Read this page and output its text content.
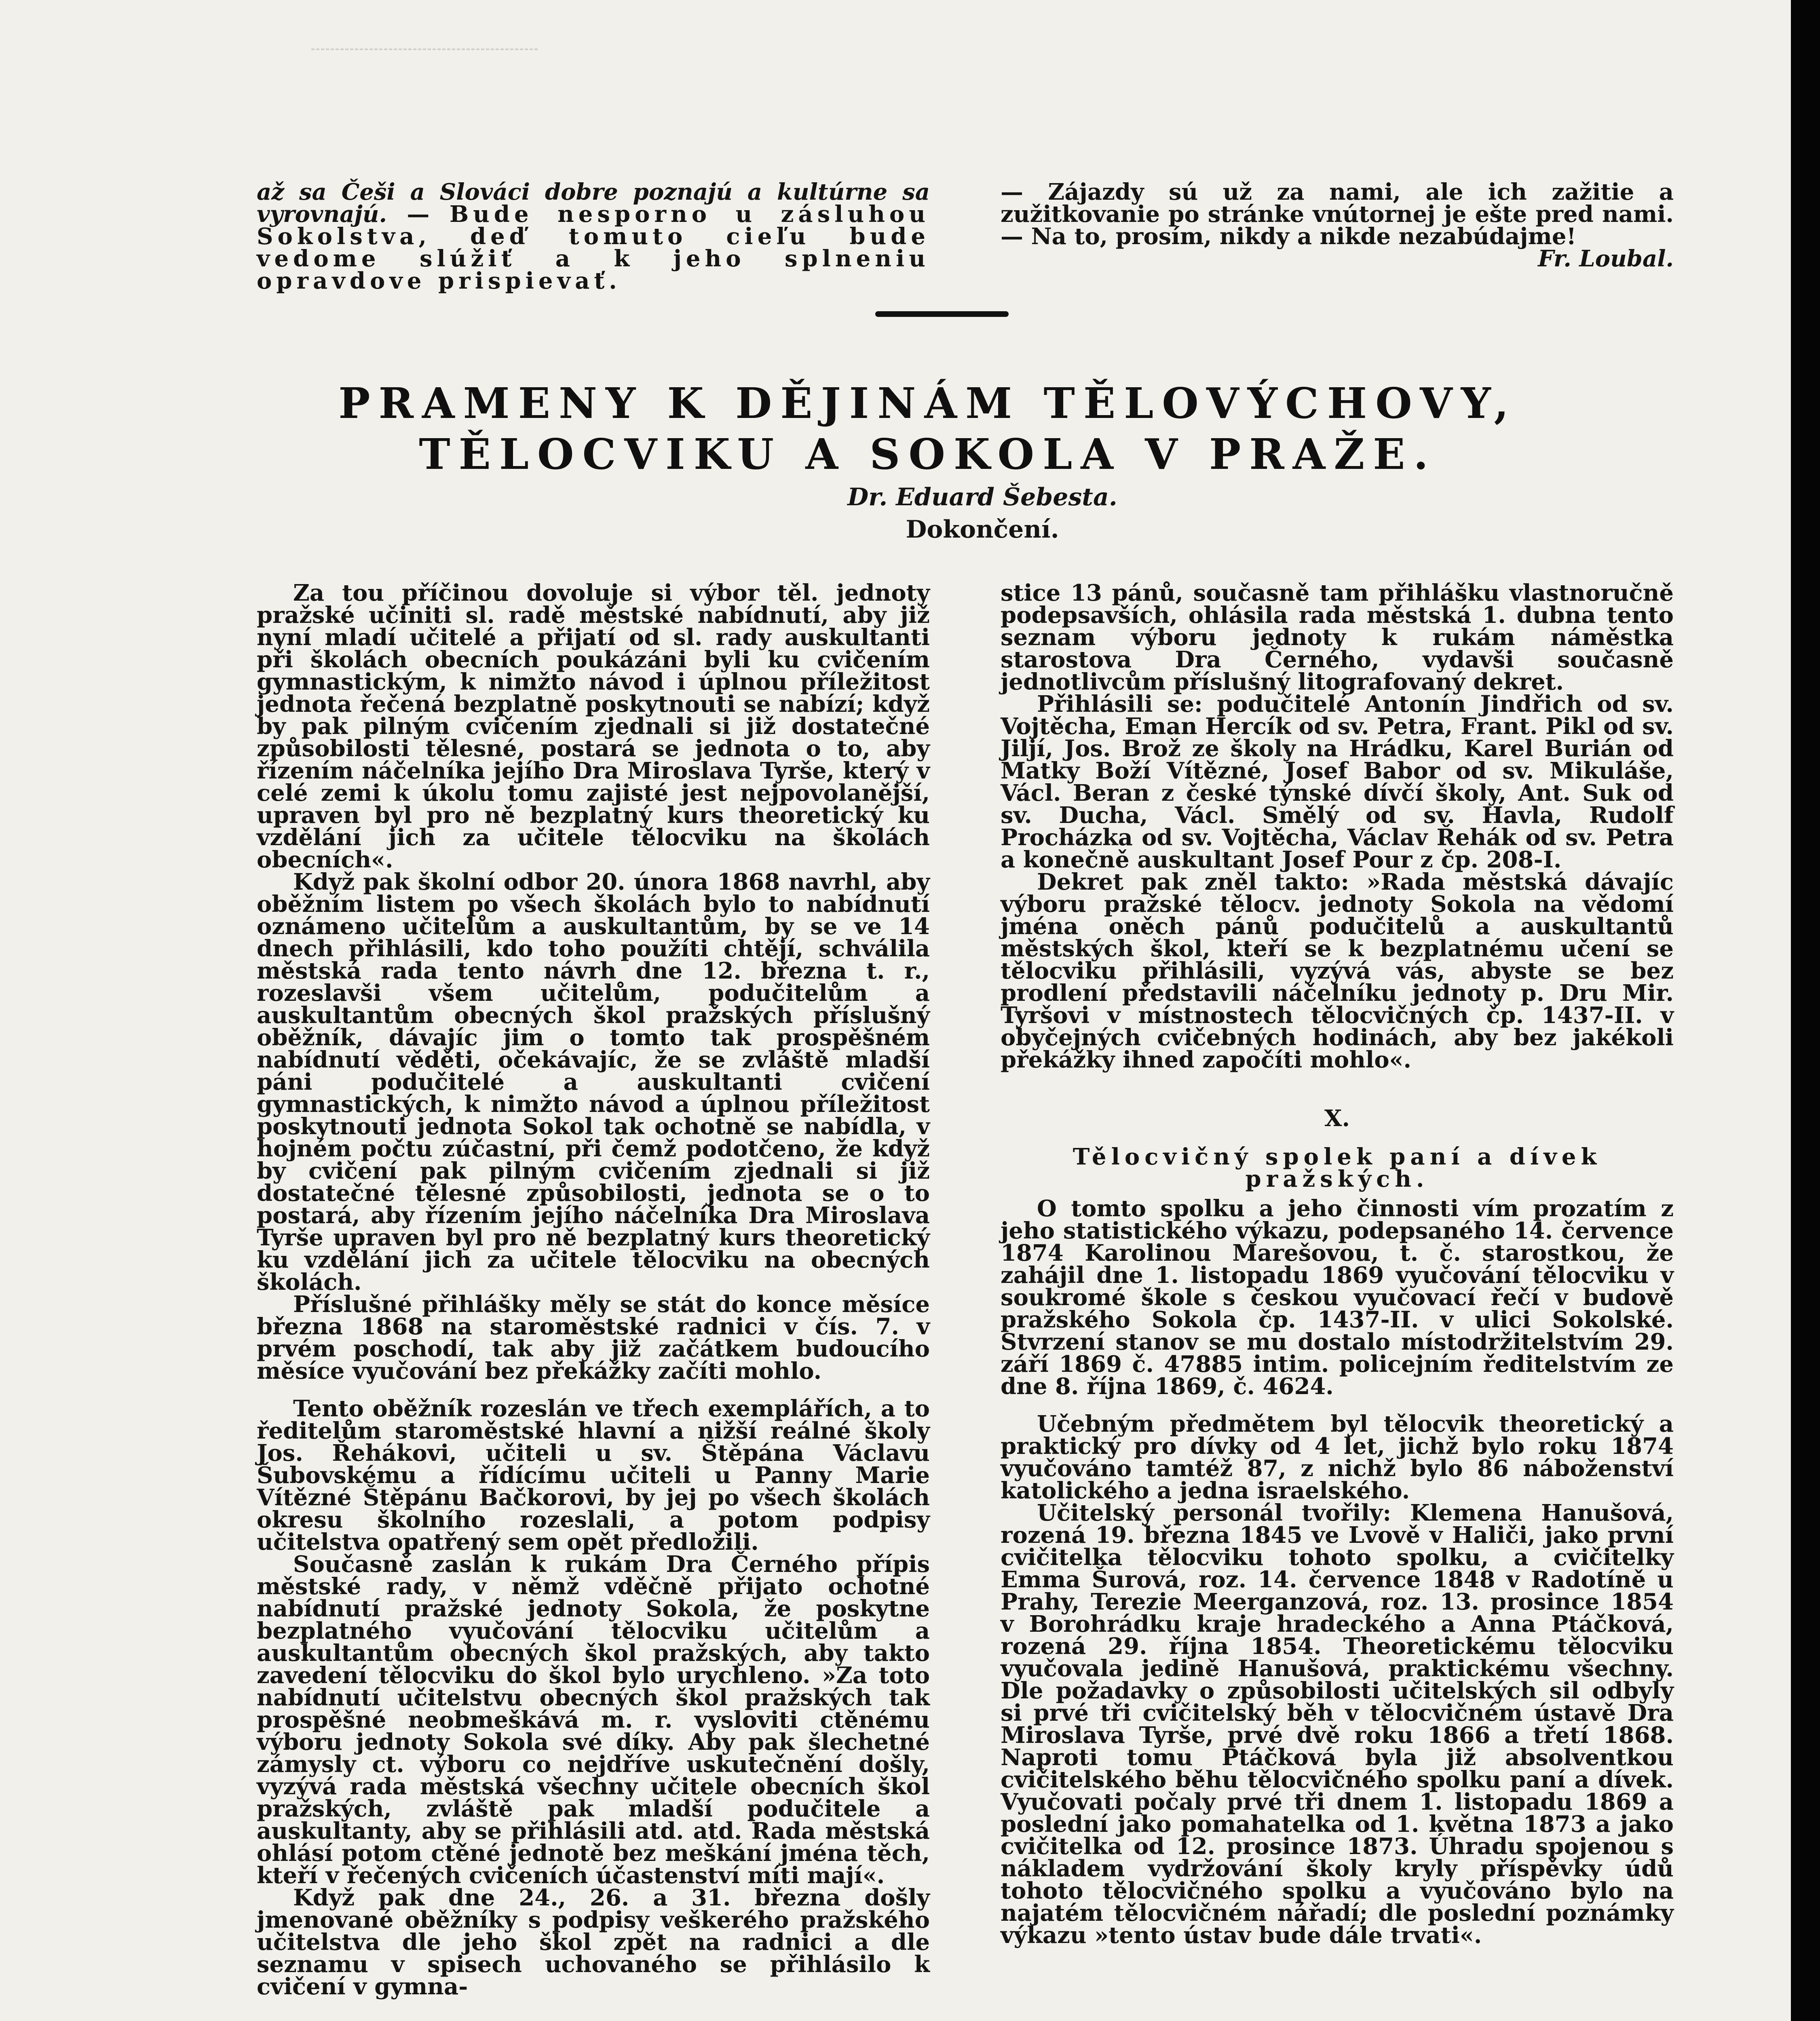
až sa Češi a Slováci dobre poznajú a kultúrne sa vyrovnajú. — Bude nesporno u zásluhou Sokolstva, deď tomuto cieľu bude vedome slúžiť a k jeho splneniu opravdove prispievať.

— Zájazdy sú už za nami, ale ich zažitie a zužitkovanie po stránke vnútornej je ešte pred nami. — Na to, prosím, nikdy a nikde nezabúdajme!

Fr. Loubal.

PRAMENY K DĚJINÁM TĚLOVÝCHOVY,
TĚLOCVIKU A SOKOLA V PRAŽE.
Dr. Eduard Šebesta.
Dokončení.

Za tou příčinou dovoluje si výbor těl. jednoty pražské učiniti sl. radě městské nabídnutí, aby již nyní mladí učitelé a přijatí od sl. rady auskultanti při školách obecních poukázáni byli ku cvičením gymnastickým, k nimžto návod i úplnou příležitost jednota řečená bezplatně poskytnouti se nabízí; když by pak pilným cvičením zjednali si již dostatečné způsobilosti tělesné, postará se jednota o to, aby řízením náčelníka jejího Dra Miroslava Tyrše, který v celé zemi k úkolu tomu zajisté jest nejpovolanější, upraven byl pro ně bezplatný kurs theoretický ku vzdělání jich za učitele tělocviku na školách obecních«.

Když pak školní odbor 20. února 1868 navrhl, aby oběžním listem po všech školách bylo to nabídnutí oznámeno učitelům a auskultantům, by se ve 14 dnech přihlásili, kdo toho použíti chtějí, schválila městská rada tento návrh dne 12. března t. r., rozeslavši všem učitelům, podučitelům a auskultantům obecných škol pražských příslušný oběžník, dávajíc jim o tomto tak prospěšném nabídnutí věděti, očekávajíc, že se zvláště mladší páni podučitelé a auskultanti cvičení gymnastických, k nimžto návod a úplnou příležitost poskytnouti jednota Sokol tak ochotně se nabídla, v hojném počtu zúčastní, při čemž podotčeno, že když by cvičení pak pilným cvičením zjednali si již dostatečné tělesné způsobilosti, jednota se o to postará, aby řízením jejího náčelníka Dra Miroslava Tyrše upraven byl pro ně bezplatný kurs theoretický ku vzdělání jich za učitele tělocviku na obecných školách.

Příslušné přihlášky měly se stát do konce měsíce března 1868 na staroměstské radnici v čís. 7. v prvém poschodí, tak aby již začátkem budoucího měsíce vyučování bez překážky začíti mohlo.

Tento oběžník rozeslán ve třech exemplářích, a to ředitelům staroměstské hlavní a nižší reálné školy Jos. Řehákovi, učiteli u sv. Štěpána Václavu Šubovskému a řídícímu učiteli u Panny Marie Vítězné Štěpánu Bačkorovi, by jej po všech školách okresu školního rozeslali, a potom podpisy učitelstva opatřený sem opět předložili.

Současně zaslán k rukám Dra Černého přípis městské rady, v němž vděčně přijato ochotné nabídnutí pražské jednoty Sokola, že poskytne bezplatného vyučování tělocviku učitelům a auskultantům obecných škol pražských, aby takto zavedení tělocviku do škol bylo urychleno. »Za toto nabídnutí učitelstvu obecných škol pražských tak prospěšné neobmeškává m. r. vysloviti ctěnému výboru jednoty Sokola své díky. Aby pak šlechetné zámysly ct. výboru co nejdříve uskutečnění došly, vyzývá rada městská všechny učitele obecních škol pražských, zvláště pak mladší podučitele a auskultanty, aby se přihlásili atd. atd. Rada městská ohlásí potom ctěné jednotě bez meškání jména těch, kteří v řečených cvičeních účastenství míti mají«.

Když pak dne 24., 26. a 31. března došly jmenované oběžníky s podpisy veškerého pražského učitelstva dle jeho škol zpět na radnici a dle seznamu v spisech uchovaného se přihlásilo k cvičení v gymna-

stice 13 pánů, současně tam přihlášku vlastnoručně podepsavších, ohlásila rada městská 1. dubna tento seznam výboru jednoty k rukám náměstka starostova Dra Černého, vydavši současně jednotlivcům příslušný litografovaný dekret.

Přihlásili se: podučitelé Antonín Jindřich od sv. Vojtěcha, Eman Hercík od sv. Petra, Frant. Pikl od sv. Jiljí, Jos. Brož ze školy na Hrádku, Karel Burián od Matky Boží Vítězné, Josef Babor od sv. Mikuláše, Václ. Beran z české týnské dívčí školy, Ant. Suk od sv. Ducha, Václ. Smělý od sv. Havla, Rudolf Procházka od sv. Vojtěcha, Václav Řehák od sv. Petra a konečně auskultant Josef Pour z čp. 208-I.

Dekret pak zněl takto: »Rada městská dávajíc výboru pražské tělocv. jednoty Sokola na vědomí jména oněch pánů podučitelů a auskultantů městských škol, kteří se k bezplatnému učení se tělocviku přihlásili, vyzývá vás, abyste se bez prodlení představili náčelníku jednoty p. Dru Mir. Tyršovi v místnostech tělocvičných čp. 1437-II. v obyčejných cvičebných hodinách, aby bez jakékoli překážky ihned započíti mohlo«.

X.

Tělocvičný spolek paní a dívek pražských.

O tomto spolku a jeho činnosti vím prozatím z jeho statistického výkazu, podepsaného 14. července 1874 Karolinou Marešovou, t. č. starostkou, že zahájil dne 1. listopadu 1869 vyučování tělocviku v soukromé škole s českou vyučovací řečí v budově pražského Sokola čp. 1437-II. v ulici Sokolské. Stvrzení stanov se mu dostalo místodržitelstvím 29. září 1869 č. 47885 intim. policejním ředitelstvím ze dne 8. října 1869, č. 4624.

Učebným předmětem byl tělocvik theoretický a praktický pro dívky od 4 let, jichž bylo roku 1874 vyučováno tamtéž 87, z nichž bylo 86 náboženství katolického a jedna israelského.

Učitelský personál tvořily: Klemena Hanušová, rozená 19. března 1845 ve Lvově v Haliči, jako první cvičitelka tělocviku tohoto spolku, a cvičitelky Emma Šurová, roz. 14. července 1848 v Radotíně u Prahy, Terezie Meerganzová, roz. 13. prosince 1854 v Borohrádku kraje hradeckého a Anna Ptáčková, rozená 29. října 1854. Theoretickému tělocviku vyučovala jedině Hanušová, praktickému všechny. Dle požadavky o způsobilosti učitelských sil odbyly si prvé tři cvičitelský běh v tělocvičném ústavě Dra Miroslava Tyrše, prvé dvě roku 1866 a třetí 1868. Naproti tomu Ptáčková byla již absolventkou cvičitelského běhu tělocvičného spolku paní a dívek. Vyučovati počaly prvé tři dnem 1. listopadu 1869 a poslední jako pomahatelka od 1. května 1873 a jako cvičitelka od 12. prosince 1873. Úhradu spojenou s nákladem vydržování školy kryly příspěvky údů tohoto tělocvičného spolku a vyučováno bylo na najatém tělocvičném nářadí; dle poslední poznámky výkazu »tento ústav bude dále trvati«.
